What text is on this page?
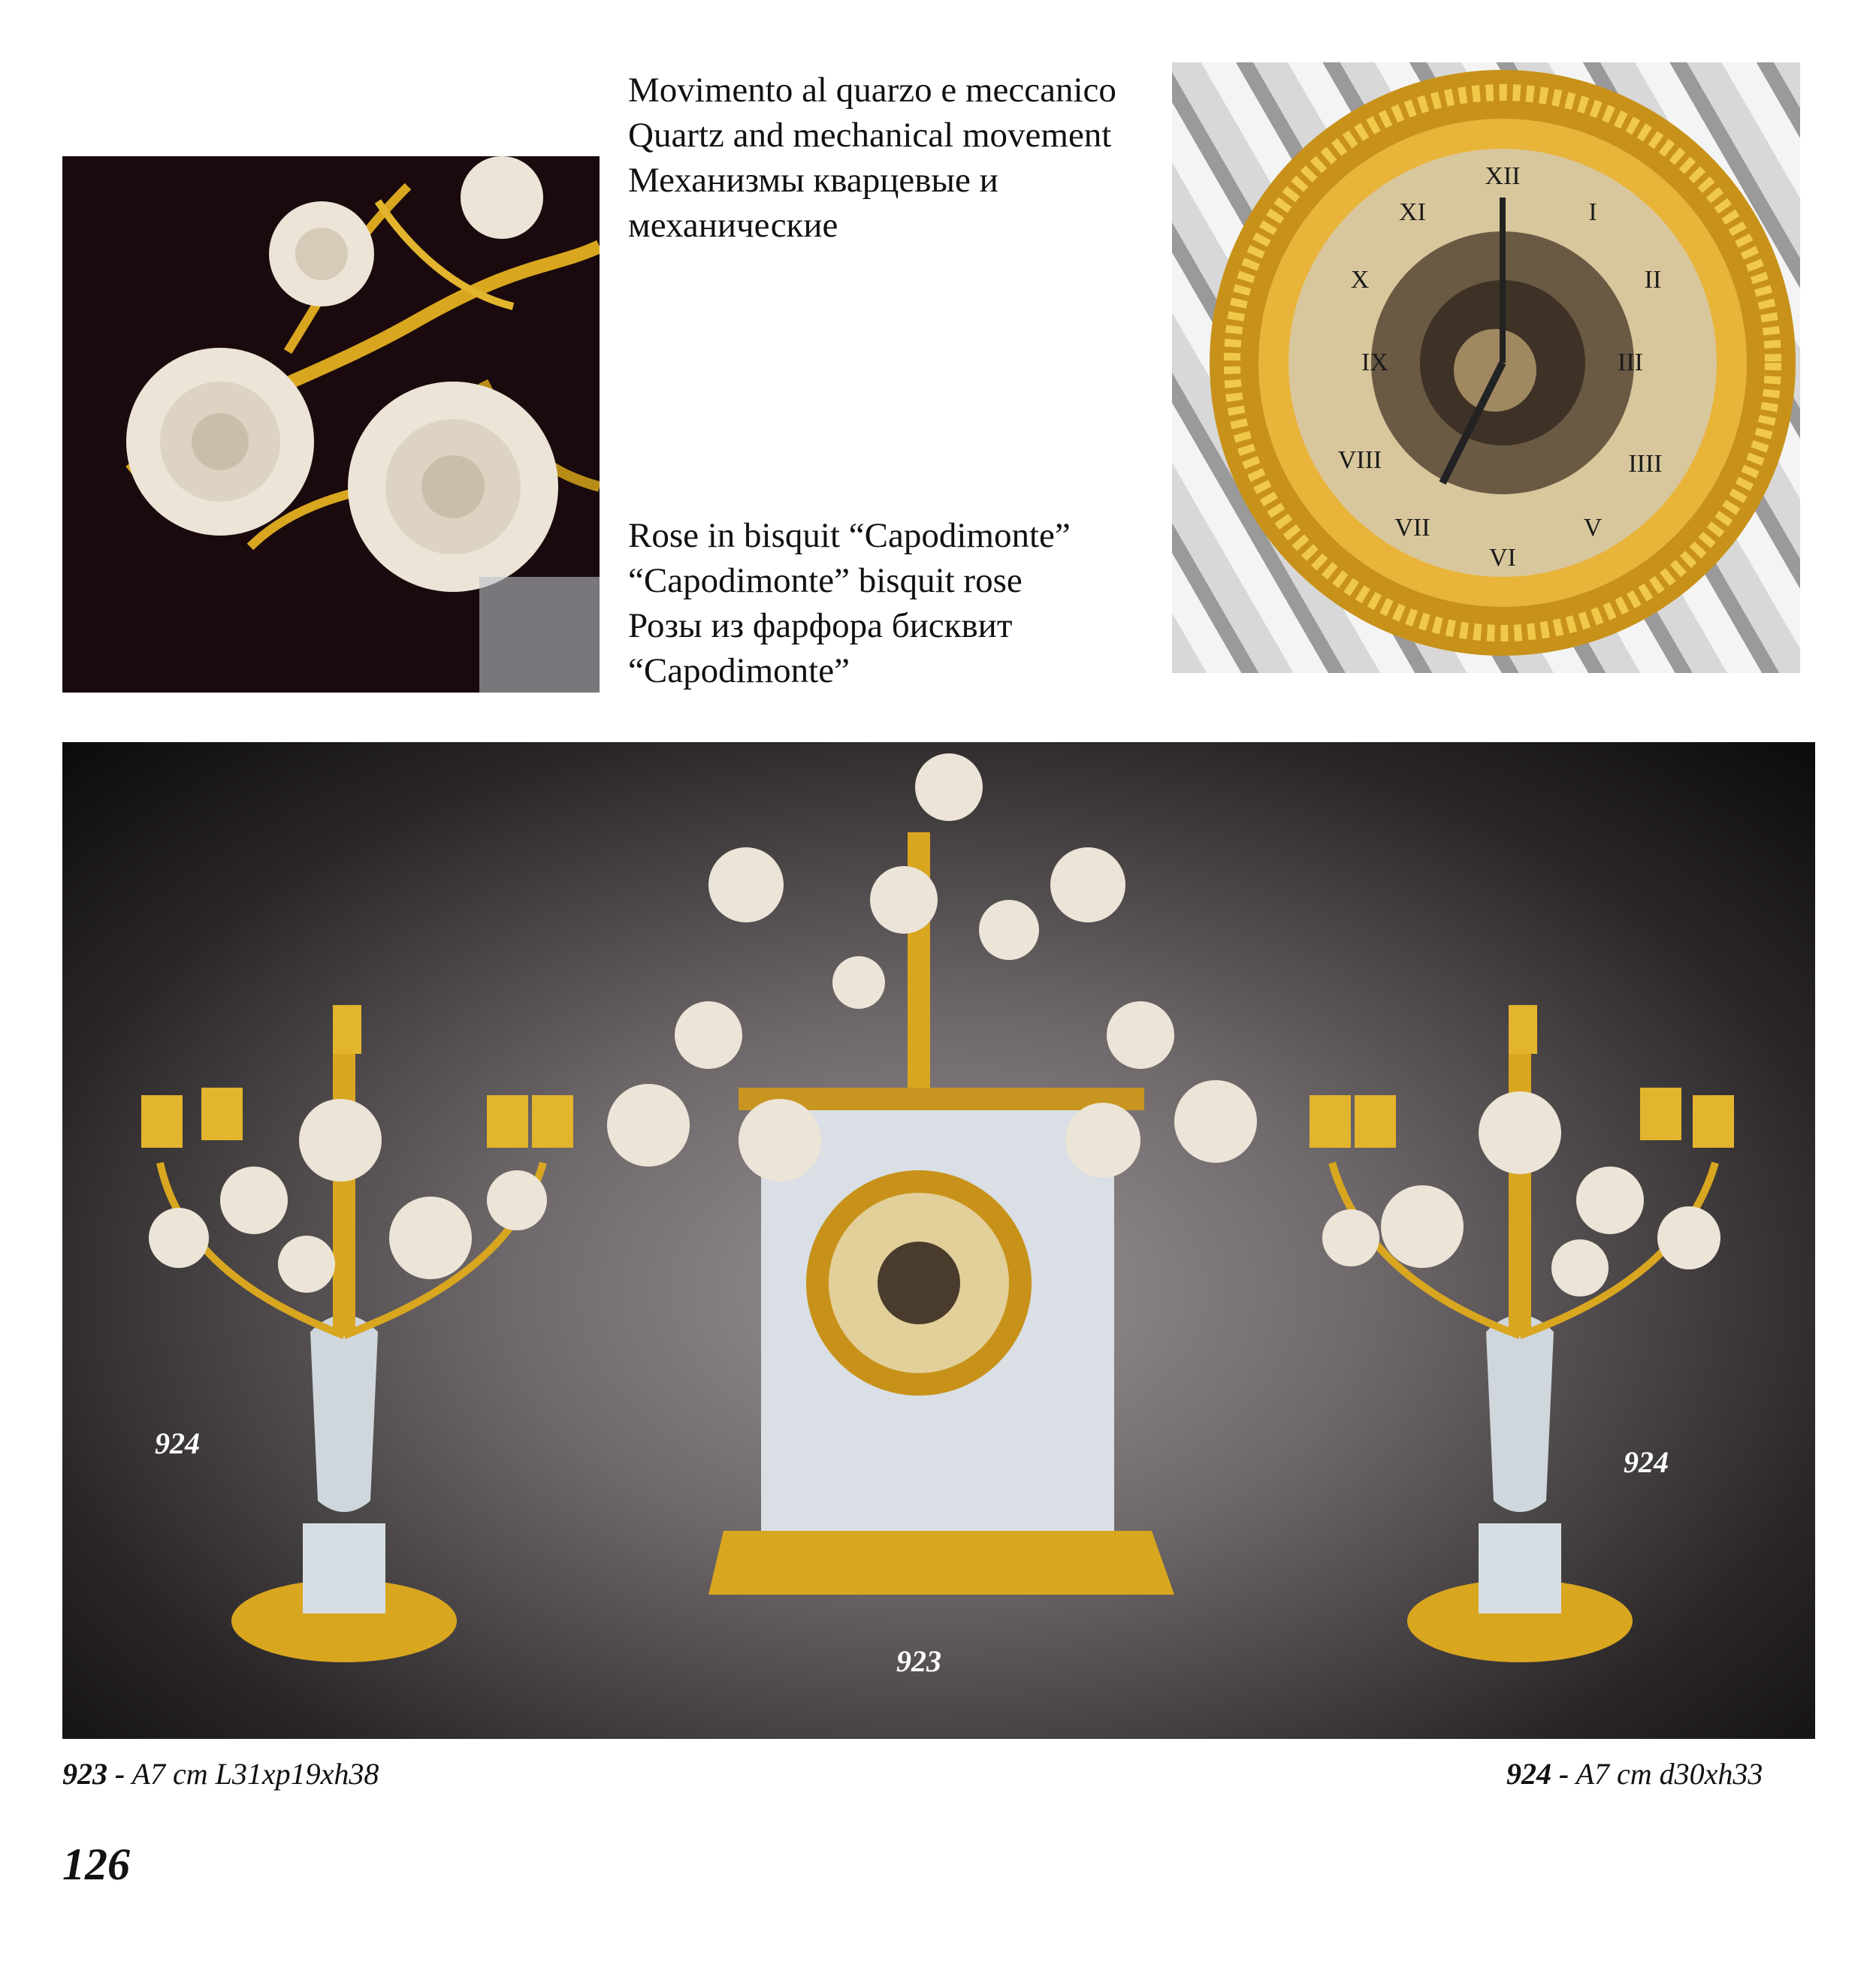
Movimento al quarzo e meccanico
Quartz and mechanical movement
Механизмы кварцевые и
механические
Rose in bisquit “Capodimonte”
“Capodimonte” bisquit rose
Розы из фарфора бисквит
“Capodimonte”
XII
III
VI
IX
I
II
IIII
V
VII
VIII
X
XI
924
924
923
923 - A7 cm L31xp19xh38	924 - A7 cm d30xh33
126
